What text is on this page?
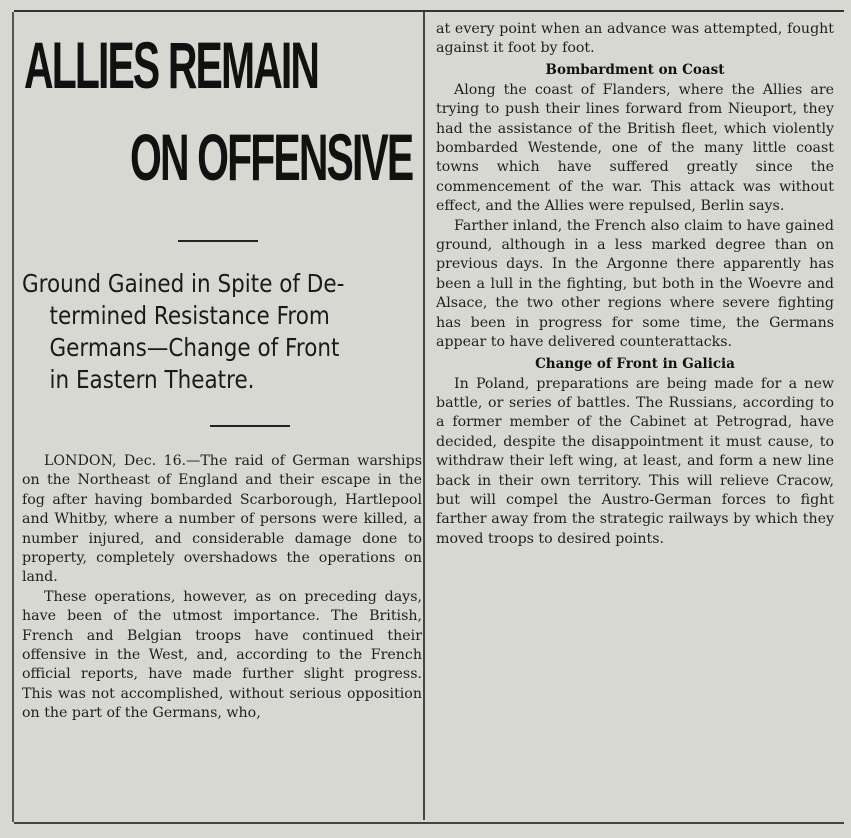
ALLIES REMAIN
ON OFFENSIVE
Ground Gained in Spite of De-
termined Resistance From
Germans—Change of Front
in Eastern Theatre.

LONDON, Dec. 16.—The raid of German warships on the Northeast of England and their escape in the fog after having bombarded Scarborough, Hartlepool and Whitby, where a number of persons were killed, a number injured, and considerable damage done to property, completely overshadows the operations on land.

These operations, however, as on preceding days, have been of the utmost importance. The British, French and Belgian troops have continued their offensive in the West, and, according to the French official reports, have made further slight progress. This was not accomplished, without serious opposition on the part of the Germans, who,

at every point when an advance was attempted, fought against it foot by foot.

Bombardment on Coast

Along the coast of Flanders, where the Allies are trying to push their lines forward from Nieuport, they had the assistance of the British fleet, which violently bombarded Westende, one of the many little coast towns which have suffered greatly since the commencement of the war. This attack was without effect, and the Allies were repulsed, Berlin says.

Farther inland, the French also claim to have gained ground, although in a less marked degree than on previous days. In the Argonne there apparently has been a lull in the fighting, but both in the Woevre and Alsace, the two other regions where severe fighting has been in progress for some time, the Germans appear to have delivered counterattacks.

Change of Front in Galicia

In Poland, preparations are being made for a new battle, or series of battles. The Russians, according to a former member of the Cabinet at Petrograd, have decided, despite the disappointment it must cause, to withdraw their left wing, at least, and form a new line back in their own territory. This will relieve Cracow, but will compel the Austro-German forces to fight farther away from the strategic railways by which they moved troops to desired points.
